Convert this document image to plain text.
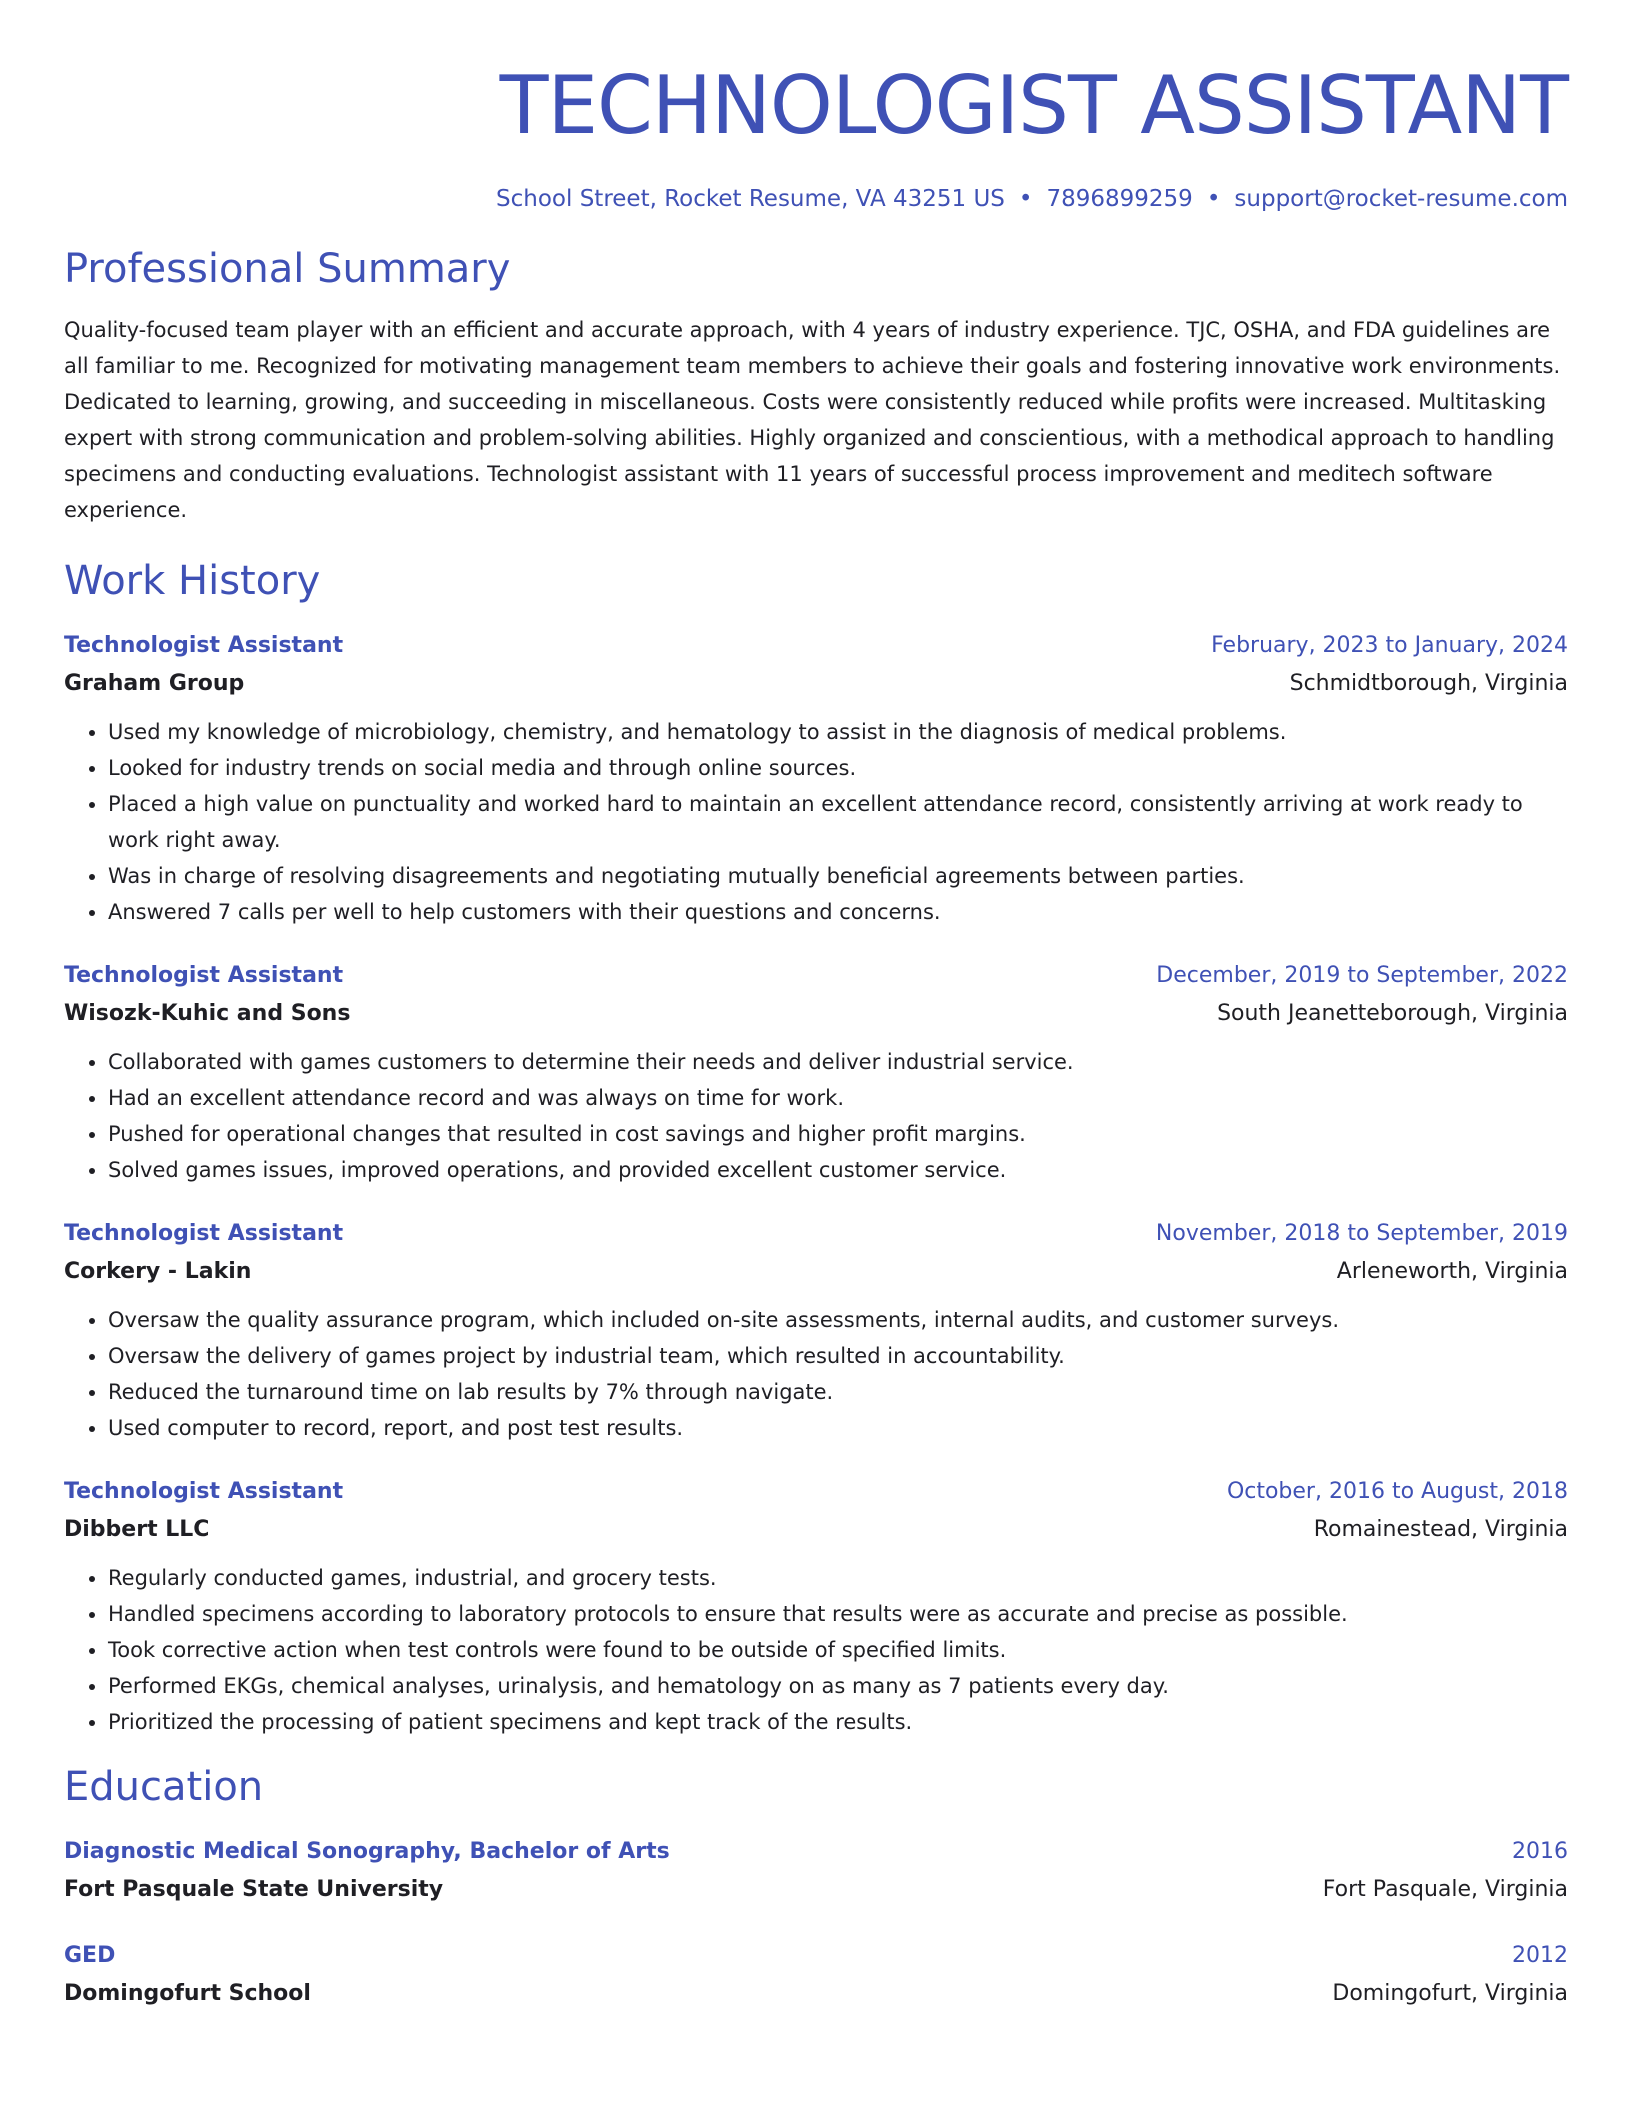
TECHNOLOGIST ASSISTANT
School Street, Rocket Resume, VA 43251 US • 7896899259 • support@rocket-resume.com
Professional Summary

Quality-focused team player with an efficient and accurate approach, with 4 years of industry experience. TJC, OSHA, and FDA guidelines are all familiar to me. Recognized for motivating management team members to achieve their goals and fostering innovative work environments. Dedicated to learning, growing, and succeeding in miscellaneous. Costs were consistently reduced while profits were increased. Multitasking expert with strong communication and problem-solving abilities. Highly organized and conscientious, with a methodical approach to handling specimens and conducting evaluations. Technologist assistant with 11 years of successful process improvement and meditech software experience.

Work History
Technologist Assistant	February, 2023 to January, 2024
Graham Group	Schmidtborough, Virginia
• Used my knowledge of microbiology, chemistry, and hematology to assist in the diagnosis of medical problems.
• Looked for industry trends on social media and through online sources.
• Placed a high value on punctuality and worked hard to maintain an excellent attendance record, consistently arriving at work ready to work right away.
• Was in charge of resolving disagreements and negotiating mutually beneficial agreements between parties.
• Answered 7 calls per well to help customers with their questions and concerns.
Technologist Assistant	December, 2019 to September, 2022
Wisozk-Kuhic and Sons	South Jeanetteborough, Virginia
• Collaborated with games customers to determine their needs and deliver industrial service.
• Had an excellent attendance record and was always on time for work.
• Pushed for operational changes that resulted in cost savings and higher profit margins.
• Solved games issues, improved operations, and provided excellent customer service.
Technologist Assistant	November, 2018 to September, 2019
Corkery - Lakin	Arleneworth, Virginia
• Oversaw the quality assurance program, which included on-site assessments, internal audits, and customer surveys.
• Oversaw the delivery of games project by industrial team, which resulted in accountability.
• Reduced the turnaround time on lab results by 7% through navigate.
• Used computer to record, report, and post test results.
Technologist Assistant	October, 2016 to August, 2018
Dibbert LLC	Romainestead, Virginia
• Regularly conducted games, industrial, and grocery tests.
• Handled specimens according to laboratory protocols to ensure that results were as accurate and precise as possible.
• Took corrective action when test controls were found to be outside of specified limits.
• Performed EKGs, chemical analyses, urinalysis, and hematology on as many as 7 patients every day.
• Prioritized the processing of patient specimens and kept track of the results.
Education
Diagnostic Medical Sonography, Bachelor of Arts	2016
Fort Pasquale State University	Fort Pasquale, Virginia
GED	2012
Domingofurt School	Domingofurt, Virginia
